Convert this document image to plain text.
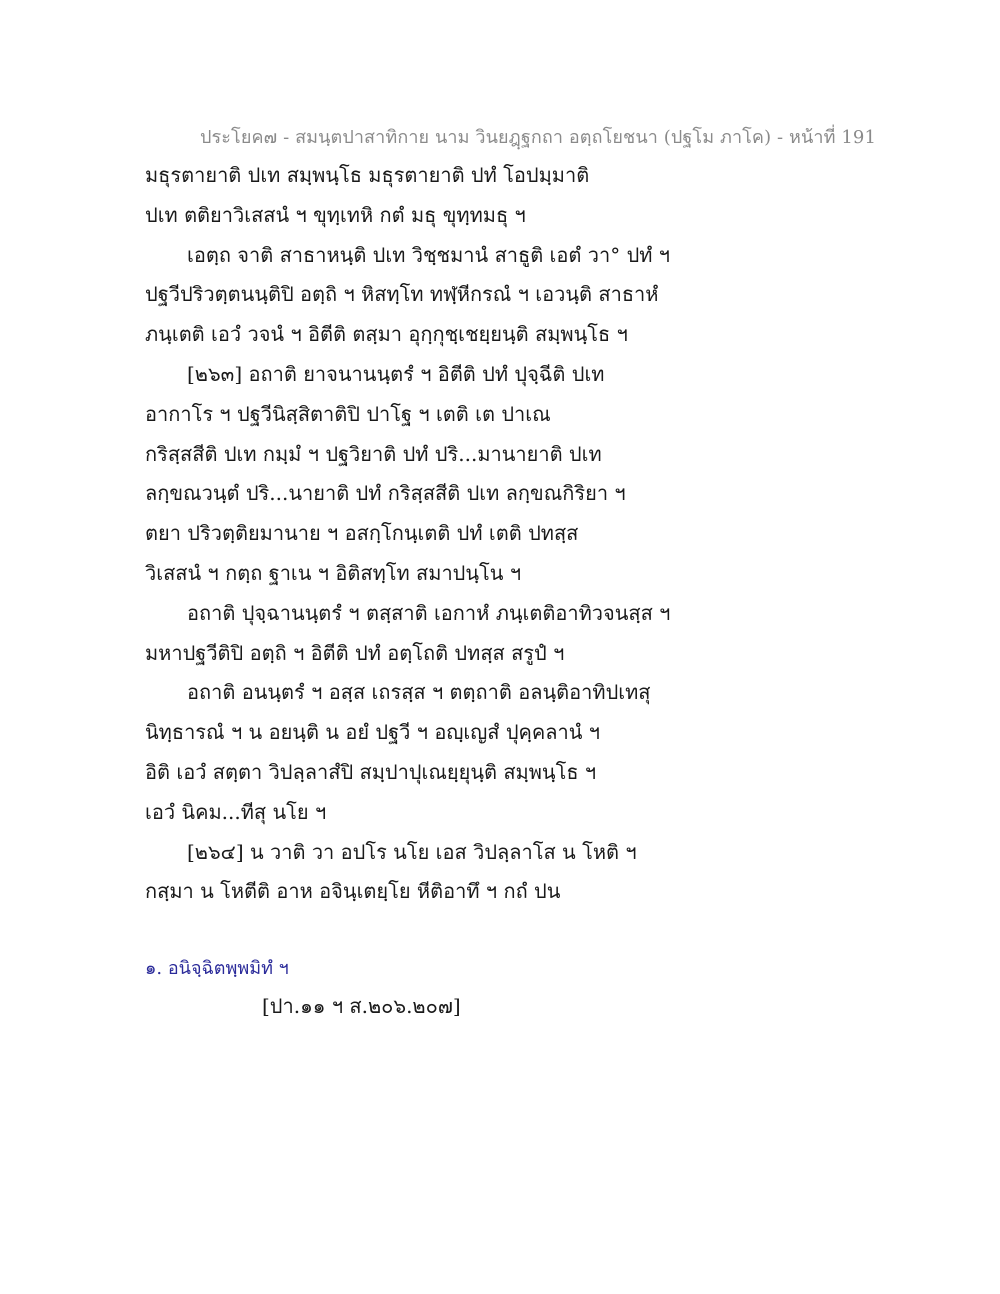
ประโยค๗ - สมนฺตปาสาทิกาย นาม วินยฎฺฐกถา อตฺถโยชนา (ปฐโม ภาโค) - หน้าที่ 191
มธุรตายาติ ปเท สมฺพนฺโธ มธุรตายาติ ปทํ โอปมฺมาติ
ปเท ตติยาวิเสสนํ ฯ ขุทฺเทหิ กตํ มธุ ขุทฺทมธุ ฯ
เอตฺถ จาติ สาธาหนฺติ ปเท วิชฺชมานํ สาธูติ เอตํ วา° ปทํ ฯ
ปฐวีปริวตฺตนนฺติปิ อตฺถิ ฯ หิสทฺโท ทฬฺหีกรณํ ฯ เอวนฺติ สาธาหํ
ภนฺเตติ เอวํ วจนํ ฯ อิตีติ ตสฺมา อุกฺกุชฺเชยฺยนฺติ สมฺพนฺโธ ฯ
[๒๖๓] อถาติ ยาจนานนฺตรํ ฯ อิตีติ ปทํ ปุจฺฉีติ ปเท
อากาโร ฯ ปฐวีนิสฺสิตาติปิ ปาโฐ ฯ เตติ เต ปาเณ
กริสฺสสีติ ปเท กมฺมํ ฯ ปฐวิยาติ ปทํ ปริ...มานายาติ ปเท
ลกฺขณวนฺตํ ปริ...นายาติ ปทํ กริสฺสสีติ ปเท ลกฺขณกิริยา ฯ
ตยา ปริวตฺติยมานาย ฯ อสกฺโกนฺเตติ ปทํ เตติ ปทสฺส
วิเสสนํ ฯ กตฺถ ฐาเน ฯ อิติสทฺโท สมาปนฺโน ฯ
อถาติ ปุจฺฉานนฺตรํ ฯ ตสฺสาติ เอกาหํ ภนฺเตติอาทิวจนสฺส ฯ
มหาปฐวีติปิ อตฺถิ ฯ อิตีติ ปทํ อตฺโถติ ปทสฺส สรูปํ ฯ
อถาติ อนนฺตรํ ฯ อสฺส เถรสฺส ฯ ตตฺถาติ อลนฺติอาทิปเทสุ
นิทฺธารณํ ฯ น อยนฺติ น อยํ ปฐวี ฯ อญฺเญสํ ปุคฺคลานํ ฯ
อิติ เอวํ สตฺตา วิปลฺลาสํปิ สมฺปาปุเณยฺยุนฺติ สมฺพนฺโธ ฯ
เอวํ นิคม...ทีสุ นโย ฯ
[๒๖๔] น วาติ วา อปโร นโย เอส วิปลฺลาโส น โหติ ฯ
กสฺมา น โหตีติ อาห อจินฺเตยฺโย หีติอาทึ ฯ กถํ ปน
๑. อนิจฺฉิตพฺพมิทํ ฯ
[ปา.๑๑ ฯ ส.๒๐๖.๒๐๗]
